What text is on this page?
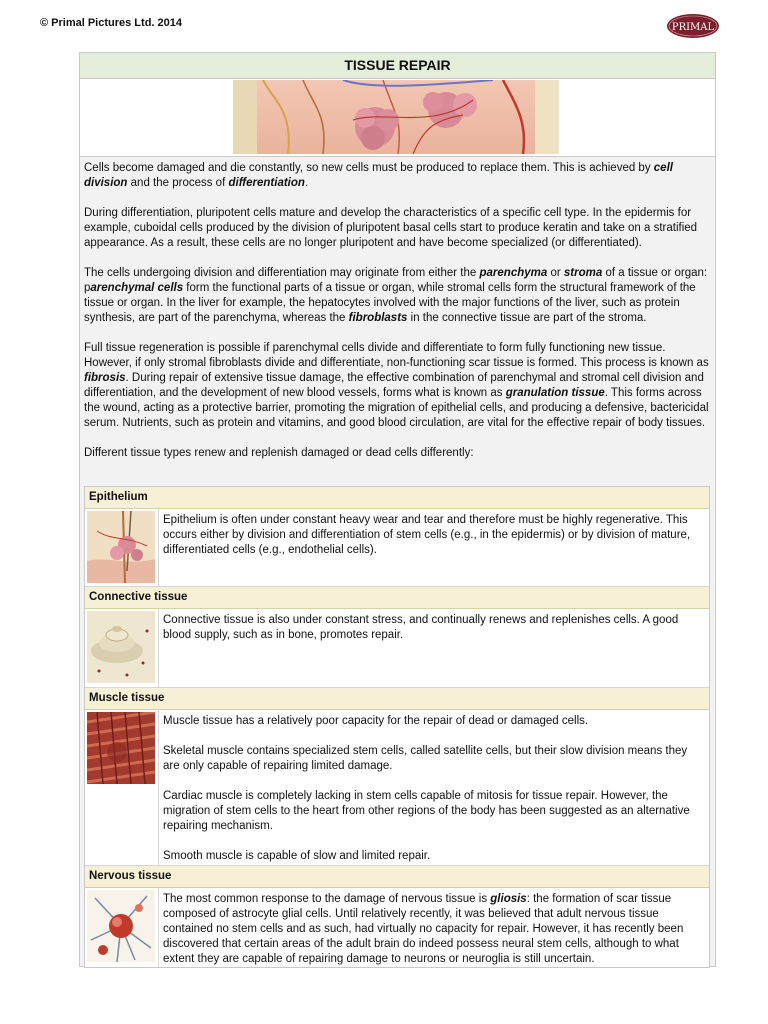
© Primal Pictures Ltd. 2014	PRIMAL
TISSUE REPAIR

Cells become damaged and die constantly, so new cells must be produced to replace them. This is achieved by cell division and the process of differentiation.

During differentiation, pluripotent cells mature and develop the characteristics of a specific cell type. In the epidermis for example, cuboidal cells produced by the division of pluripotent basal cells start to produce keratin and take on a stratified appearance. As a result, these cells are no longer pluripotent and have become specialized (or differentiated).

The cells undergoing division and differentiation may originate from either the parenchyma or stroma of a tissue or organ: parenchymal cells form the functional parts of a tissue or organ, while stromal cells form the structural framework of the tissue or organ. In the liver for example, the hepatocytes involved with the major functions of the liver, such as protein synthesis, are part of the parenchyma, whereas the fibroblasts in the connective tissue are part of the stroma.

Full tissue regeneration is possible if parenchymal cells divide and differentiate to form fully functioning new tissue. However, if only stromal fibroblasts divide and differentiate, non-functioning scar tissue is formed. This process is known as fibrosis. During repair of extensive tissue damage, the effective combination of parenchymal and stromal cell division and differentiation, and the development of new blood vessels, forms what is known as granulation tissue. This forms across the wound, acting as a protective barrier, promoting the migration of epithelial cells, and producing a defensive, bactericidal serum. Nutrients, such as protein and vitamins, and good blood circulation, are vital for the effective repair of body tissues.

Different tissue types renew and replenish damaged or dead cells differently:

Epithelium

Epithelium is often under constant heavy wear and tear and therefore must be highly regenerative. This occurs either by division and differentiation of stem cells (e.g., in the epidermis) or by division of mature, differentiated cells (e.g., endothelial cells).

Connective tissue

Connective tissue is also under constant stress, and continually renews and replenishes cells. A good blood supply, such as in bone, promotes repair.

Muscle tissue

Muscle tissue has a relatively poor capacity for the repair of dead or damaged cells.

Skeletal muscle contains specialized stem cells, called satellite cells, but their slow division means they are only capable of repairing limited damage.

Cardiac muscle is completely lacking in stem cells capable of mitosis for tissue repair. However, the migration of stem cells to the heart from other regions of the body has been suggested as an alternative repairing mechanism.

Smooth muscle is capable of slow and limited repair.

Nervous tissue

The most common response to the damage of nervous tissue is gliosis: the formation of scar tissue composed of astrocyte glial cells. Until relatively recently, it was believed that adult nervous tissue contained no stem cells and as such, had virtually no capacity for repair. However, it has recently been discovered that certain areas of the adult brain do indeed possess neural stem cells, although to what extent they are capable of repairing damage to neurons or neuroglia is still uncertain.
